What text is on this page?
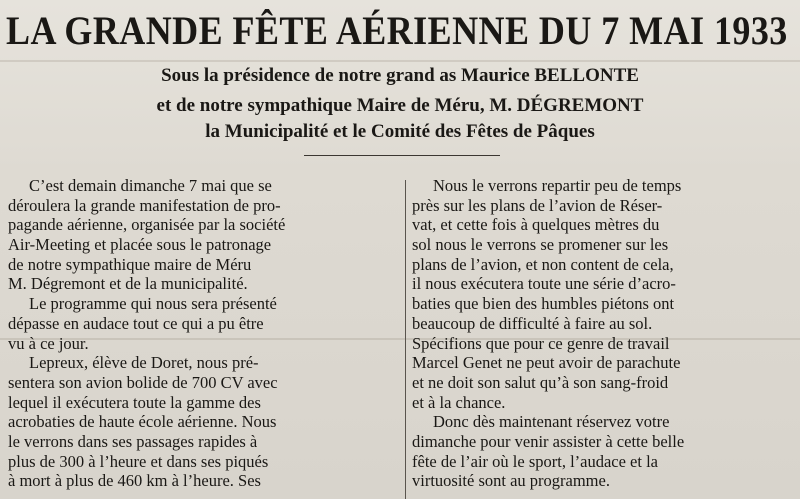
LA GRANDE FÊTE AÉRIENNE DU 7 MAI 1933
Sous la présidence de notre grand as Maurice BELLONTE
et de notre sympathique Maire de Méru, M. DÉGREMONT
la Municipalité et le Comité des Fêtes de Pâques
C’est demain dimanche 7 mai que se
déroulera la grande manifestation de pro-
pagande aérienne, organisée par la société
Air-Meeting et placée sous le patronage
de notre sympathique maire de Méru
M. Dégremont et de la municipalité.
Le programme qui nous sera présenté
dépasse en audace tout ce qui a pu être
vu à ce jour.
Lepreux, élève de Doret, nous pré-
sentera son avion bolide de 700 CV avec
lequel il exécutera toute la gamme des
acrobaties de haute école aérienne. Nous
le verrons dans ses passages rapides à
plus de 300 à l’heure et dans ses piqués
à mort à plus de 460 km à l’heure. Ses
Nous le verrons repartir peu de temps
près sur les plans de l’avion de Réser-
vat, et cette fois à quelques mètres du
sol nous le verrons se promener sur les
plans de l’avion, et non content de cela,
il nous exécutera toute une série d’acro-
baties que bien des humbles piétons ont
beaucoup de difficulté à faire au sol.
Spécifions que pour ce genre de travail
Marcel Genet ne peut avoir de parachute
et ne doit son salut qu’à son sang-froid
et à la chance.
Donc dès maintenant réservez votre
dimanche pour venir assister à cette belle
fête de l’air où le sport, l’audace et la
virtuosité sont au programme.
